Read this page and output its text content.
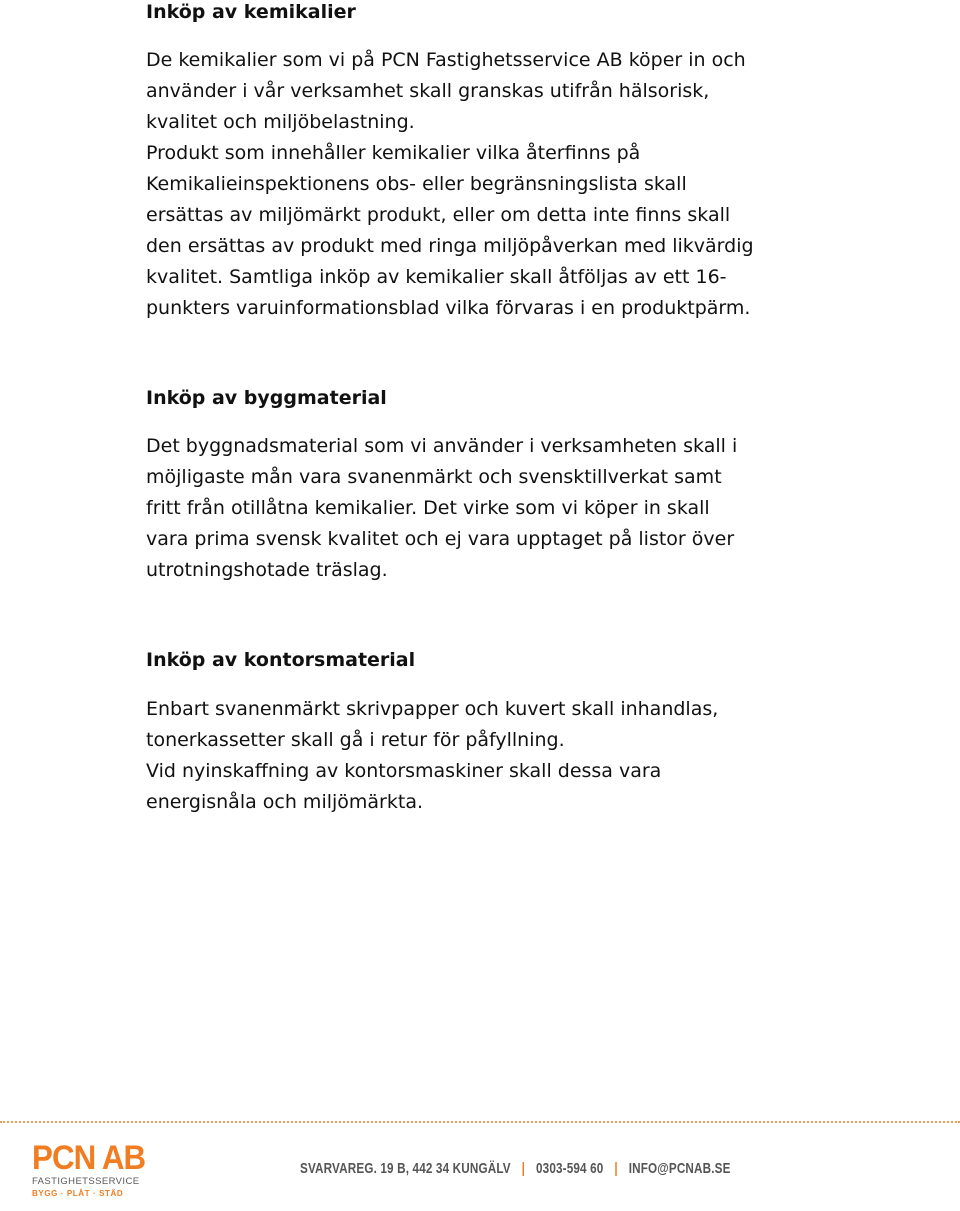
Inköp av kemikalier

De kemikalier som vi på PCN Fastighetsservice AB köper in och
använder i vår verksamhet skall granskas utifrån hälsorisk,
kvalitet och miljöbelastning.
Produkt som innehåller kemikalier vilka återfinns på
Kemikalieinspektionens obs- eller begränsningslista skall
ersättas av miljömärkt produkt, eller om detta inte finns skall
den ersättas av produkt med ringa miljöpåverkan med likvärdig
kvalitet. Samtliga inköp av kemikalier skall åtföljas av ett 16-
punkters varuinformationsblad vilka förvaras i en produktpärm.

Inköp av byggmaterial

Det byggnadsmaterial som vi använder i verksamheten skall i
möjligaste mån vara svanenmärkt och svensktillverkat samt
fritt från otillåtna kemikalier. Det virke som vi köper in skall
vara prima svensk kvalitet och ej vara upptaget på listor över
utrotningshotade träslag.

Inköp av kontorsmaterial

Enbart svanenmärkt skrivpapper och kuvert skall inhandlas,
tonerkassetter skall gå i retur för påfyllning.
Vid nyinskaffning av kontorsmaskiner skall dessa vara
energisnåla och miljömärkta.

PCN AB
FASTIGHETSSERVICE
BYGG · PLÅT · STÄD
SVARVAREG. 19 B, 442 34 KUNGÄLV | 0303-594 60 | INFO@PCNAB.SE
